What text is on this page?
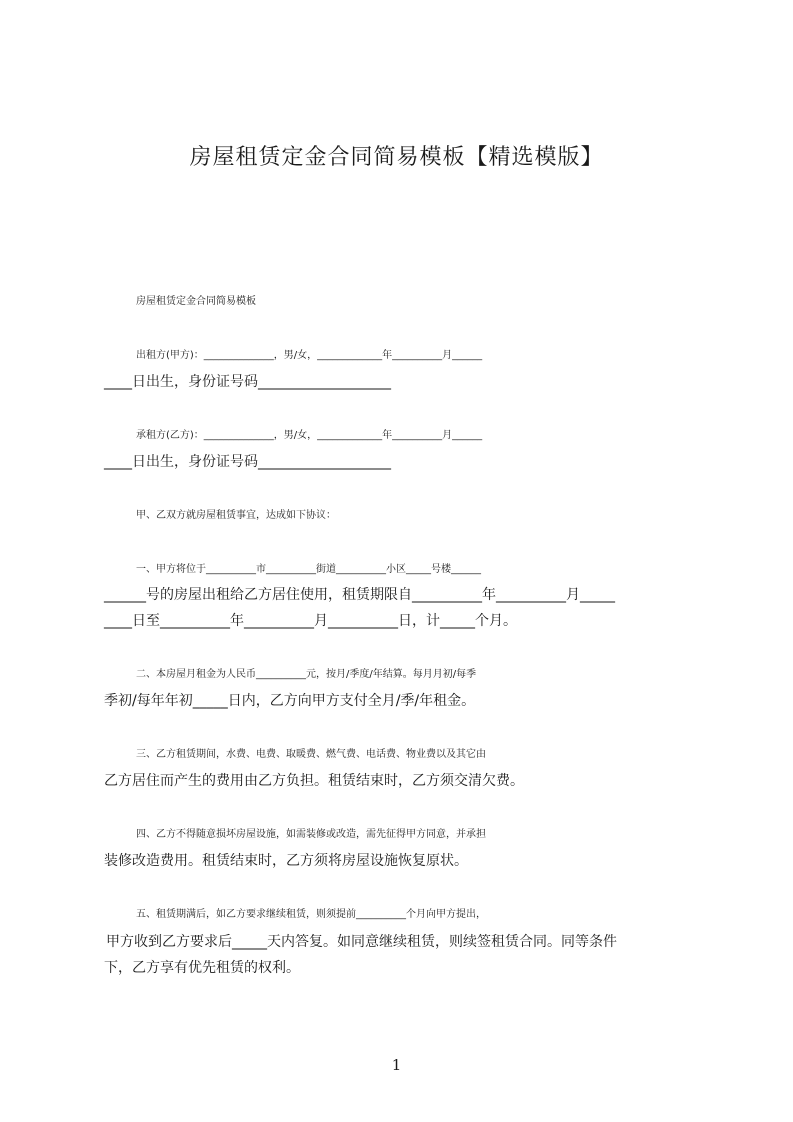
房屋租赁定金合同简易模板【精选模版】

房屋租赁定金合同简易模板

出租方(甲方)：______________，男/女，_____________年__________月______

____日出生，身份证号码___________________

承租方(乙方)：______________，男/女，_____________年__________月______

____日出生，身份证号码___________________

甲、乙双方就房屋租赁事宜，达成如下协议：

一、甲方将位于__________市__________街道__________小区_____号楼______

______号的房屋出租给乙方居住使用，租赁期限自__________年__________月_____

____日至__________年__________月__________日，计_____个月。

二、本房屋月租金为人民币__________元，按月/季度/年结算。每月月初/每季

季初/每年年初_____日内，乙方向甲方支付全月/季/年租金。

三、乙方租赁期间，水费、电费、取暖费、燃气费、电话费、物业费以及其它由

乙方居住而产生的费用由乙方负担。租赁结束时，乙方须交清欠费。

四、乙方不得随意损坏房屋设施，如需装修或改造，需先征得甲方同意，并承担

装修改造费用。租赁结束时，乙方须将房屋设施恢复原状。

五、租赁期满后，如乙方要求继续租赁，则须提前__________个月向甲方提出，

甲方收到乙方要求后_____天内答复。如同意继续租赁，则续签租赁合同。同等条件

下，乙方享有优先租赁的权利。

1
